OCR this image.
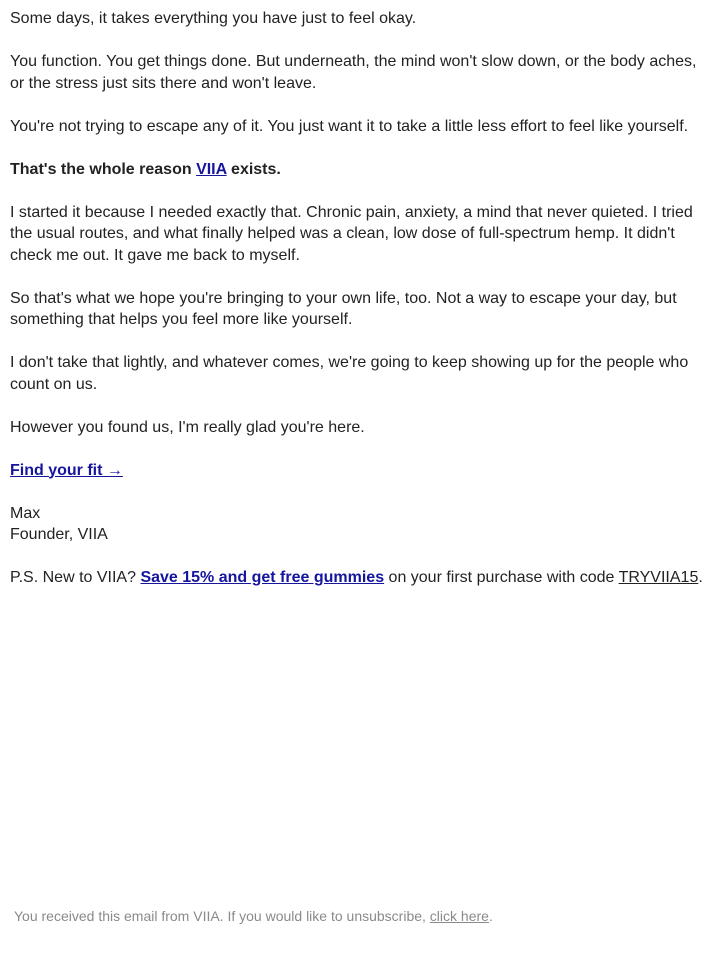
Some days, it takes everything you have just to feel okay.

You function. You get things done. But underneath, the mind won't slow down, or the body aches, or the stress just sits there and won't leave.

You're not trying to escape any of it. You just want it to take a little less effort to feel like yourself.

That's the whole reason VIIA exists.

I started it because I needed exactly that. Chronic pain, anxiety, a mind that never quieted. I tried the usual routes, and what finally helped was a clean, low dose of full-spectrum hemp. It didn't check me out. It gave me back to myself.

So that's what we hope you're bringing to your own life, too. Not a way to escape your day, but something that helps you feel more like yourself.

I don't take that lightly, and whatever comes, we're going to keep showing up for the people who count on us.

However you found us, I'm really glad you're here.

Find your fit →

Max

Founder, VIIA

P.S. New to VIIA? Save 15% and get free gummies on your first purchase with code TRYVIIA15.

You received this email from VIIA. If you would like to unsubscribe, click here.
